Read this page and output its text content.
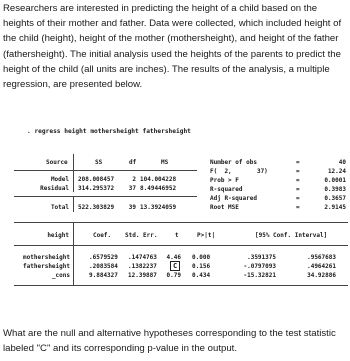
Researchers are interested in predicting the height of a child based on the heights of their mother and father. Data were collected, which included height of the child (height), height of the mother (mothersheight), and height of the father (fathersheight). The initial analysis used the heights of the parents to predict the height of the child (all units are inches). The results of the analysis, a multiple regression, are presented below.

. regress height mothersheight fathersheight
Source	SS	df	MS
Model 208.008457	2 104.004228
Residual 314.295372	37 8.49446952
Total 522.303829	39 13.3924059
Number of obs	=	40
F(  2,       37)	=	12.24
Prob > F	=	0.0001
R-squared	=	0.3983
Adj R-squared	=	0.3657
Root MSE	=	2.9145
height	Coef. Std. Err.	t	P>|t|	[95% Conf. Interval]
mothersheight	.6579529 .1474763	4.46 0.000	.3591375	.9567683
fathersheight	.2083584 .1382237	C	0.156	-.0797093	.4964261
_cons	9.884327 12.39887	0.79 0.434	-15.32821	34.92886

What are the null and alternative hypotheses corresponding to the test statistic labeled "C" and its corresponding p-value in the output.
